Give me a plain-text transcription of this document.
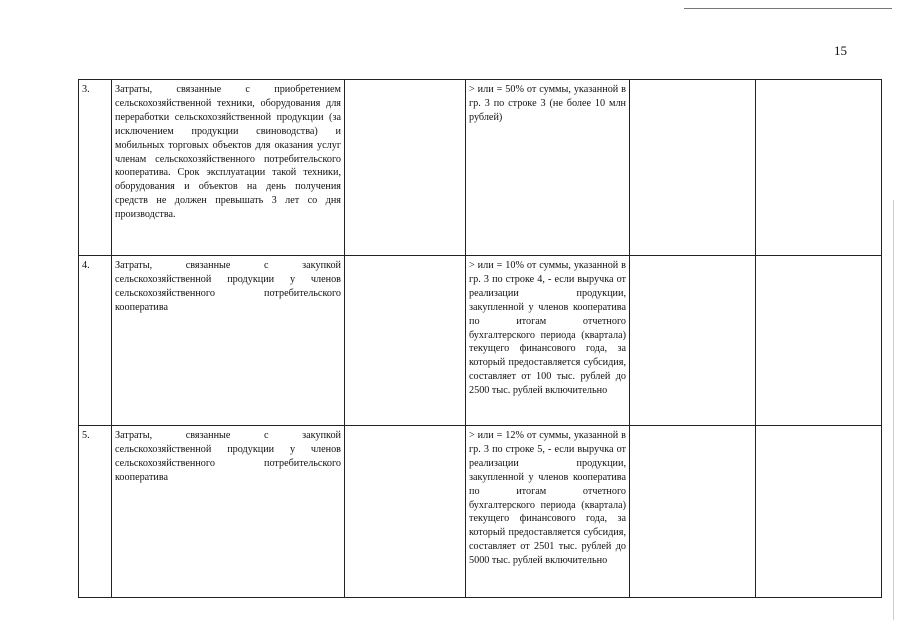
15
3.	Затраты, связанные с приобретением сельскохозяйственной техники, оборудования для переработки сельскохозяйственной продукции (за исключением продукции свиноводства) и мобильных торговых объектов для оказания услуг членам сельскохозяйственного потребительского кооператива. Срок эксплуатации такой техники, оборудования и объектов на день получения средств не должен превышать 3 лет со дня производства.		> или = 50% от суммы, указанной в гр. 3 по строке 3 (не более 10 млн рублей)			
4.	Затраты, связанные с закупкой сельскохозяйственной продукции у членов сельскохозяйственного потребительского кооператива		> или = 10% от суммы, указанной в гр. 3 по строке 4, - если выручка от реализации продукции, закупленной у членов кооператива по итогам отчетного бухгалтерского периода (квартала) текущего финансового года, за который предоставляется субсидия, составляет от 100 тыс. рублей до 2500 тыс. рублей включительно			
5.	Затраты, связанные с закупкой сельскохозяйственной продукции у членов сельскохозяйственного потребительского кооператива		> или = 12% от суммы, указанной в гр. 3 по строке 5, - если выручка от реализации продукции, закупленной у членов кооператива по итогам отчетного бухгалтерского периода (квартала) текущего финансового года, за который предоставляется субсидия, составляет от 2501 тыс. рублей до 5000 тыс. рублей включительно			
